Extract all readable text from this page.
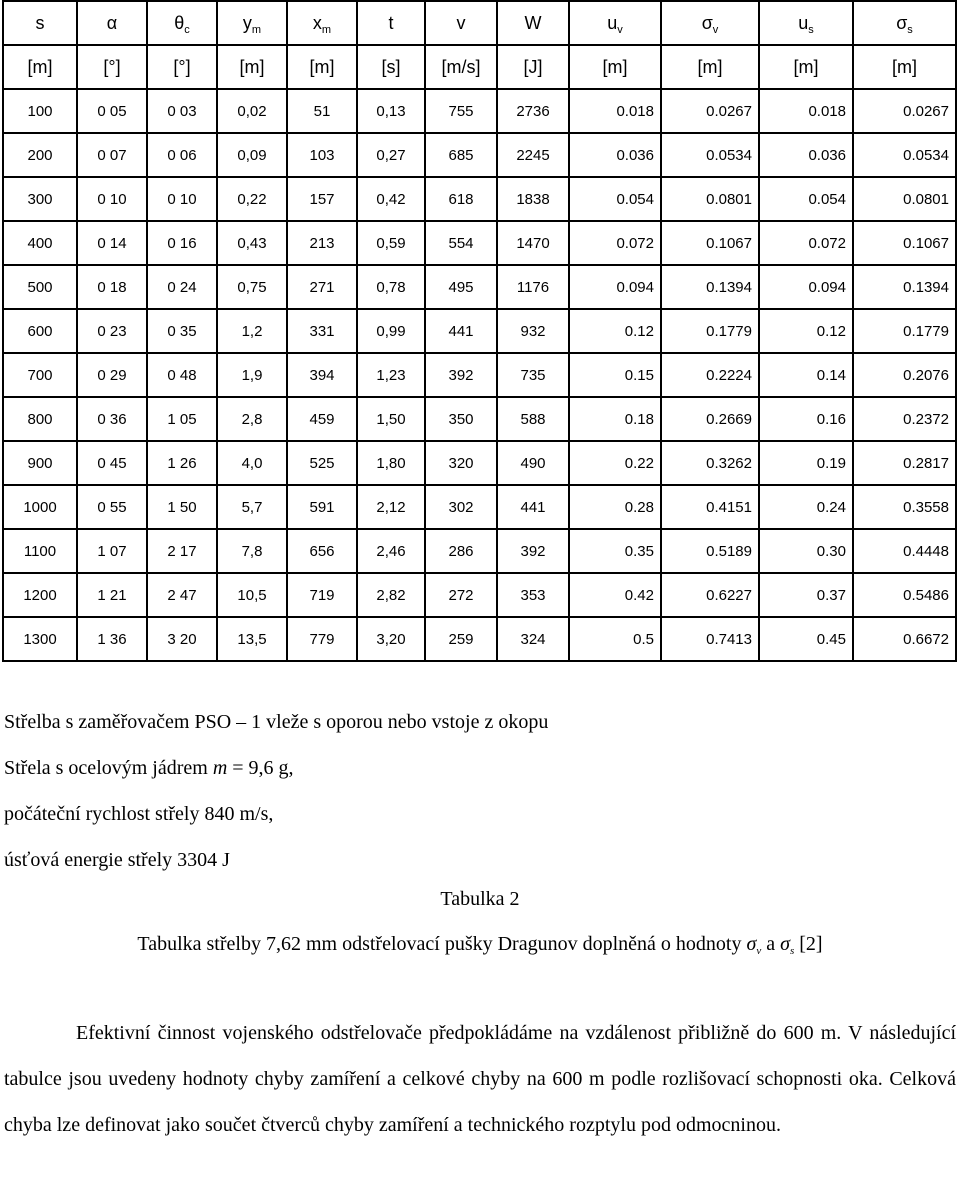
s	α	$\theta_c$	$y_m$	$x_m$	t	v	W	$u_v$	$\sigma_v$	$u_s$	$\sigma_s$
[m]	[°]	[°]	[m]	[m]	[s]	[m/s]	[J]	[m]	[m]	[m]	[m]
100	0 05	0 03	0,02	51	0,13	755	2736	0.018	0.0267	0.018	0.0267
200	0 07	0 06	0,09	103	0,27	685	2245	0.036	0.0534	0.036	0.0534
300	0 10	0 10	0,22	157	0,42	618	1838	0.054	0.0801	0.054	0.0801
400	0 14	0 16	0,43	213	0,59	554	1470	0.072	0.1067	0.072	0.1067
500	0 18	0 24	0,75	271	0,78	495	1176	0.094	0.1394	0.094	0.1394
600	0 23	0 35	1,2	331	0,99	441	932	0.12	0.1779	0.12	0.1779
700	0 29	0 48	1,9	394	1,23	392	735	0.15	0.2224	0.14	0.2076
800	0 36	1 05	2,8	459	1,50	350	588	0.18	0.2669	0.16	0.2372
900	0 45	1 26	4,0	525	1,80	320	490	0.22	0.3262	0.19	0.2817
1000	0 55	1 50	5,7	591	2,12	302	441	0.28	0.4151	0.24	0.3558
1100	1 07	2 17	7,8	656	2,46	286	392	0.35	0.5189	0.30	0.4448
1200	1 21	2 47	10,5	719	2,82	272	353	0.42	0.6227	0.37	0.5486
1300	1 36	3 20	13,5	779	3,20	259	324	0.5	0.7413	0.45	0.6672
Střelba s zaměřovačem PSO – 1 vleže s oporou nebo vstoje z okopu
Střela s ocelovým jádrem m = 9,6 g,
počáteční rychlost střely 840 m/s,
úsťová energie střely 3304 J
Tabulka 2
Tabulka střelby 7,62 mm odstřelovací pušky Dragunov doplněná o hodnoty $\sigma_v$ a $\sigma_s$ [2]
Efektivní činnost vojenského odstřelovače předpokládáme na vzdálenost přibližně do 600 m. V následující tabulce jsou uvedeny hodnoty chyby zamíření a celkové chyby na 600 m podle rozlišovací schopnosti oka. Celková chyba lze definovat jako součet čtverců chyby zamíření a technického rozptylu pod odmocninou.
